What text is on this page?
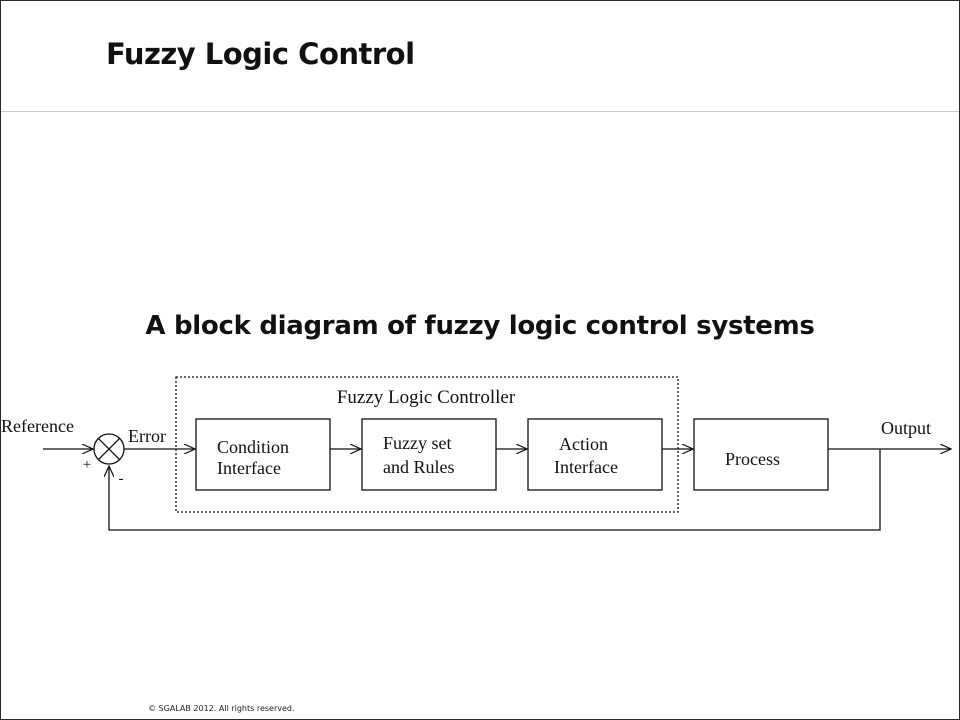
Fuzzy Logic Control
A block diagram of fuzzy logic control systems
Fuzzy Logic Controller
+
-
Reference	Error
Condition
Interface
Fuzzy set
and Rules
Action
Interface	Process
Output
© SGALAB 2012. All rights reserved.
